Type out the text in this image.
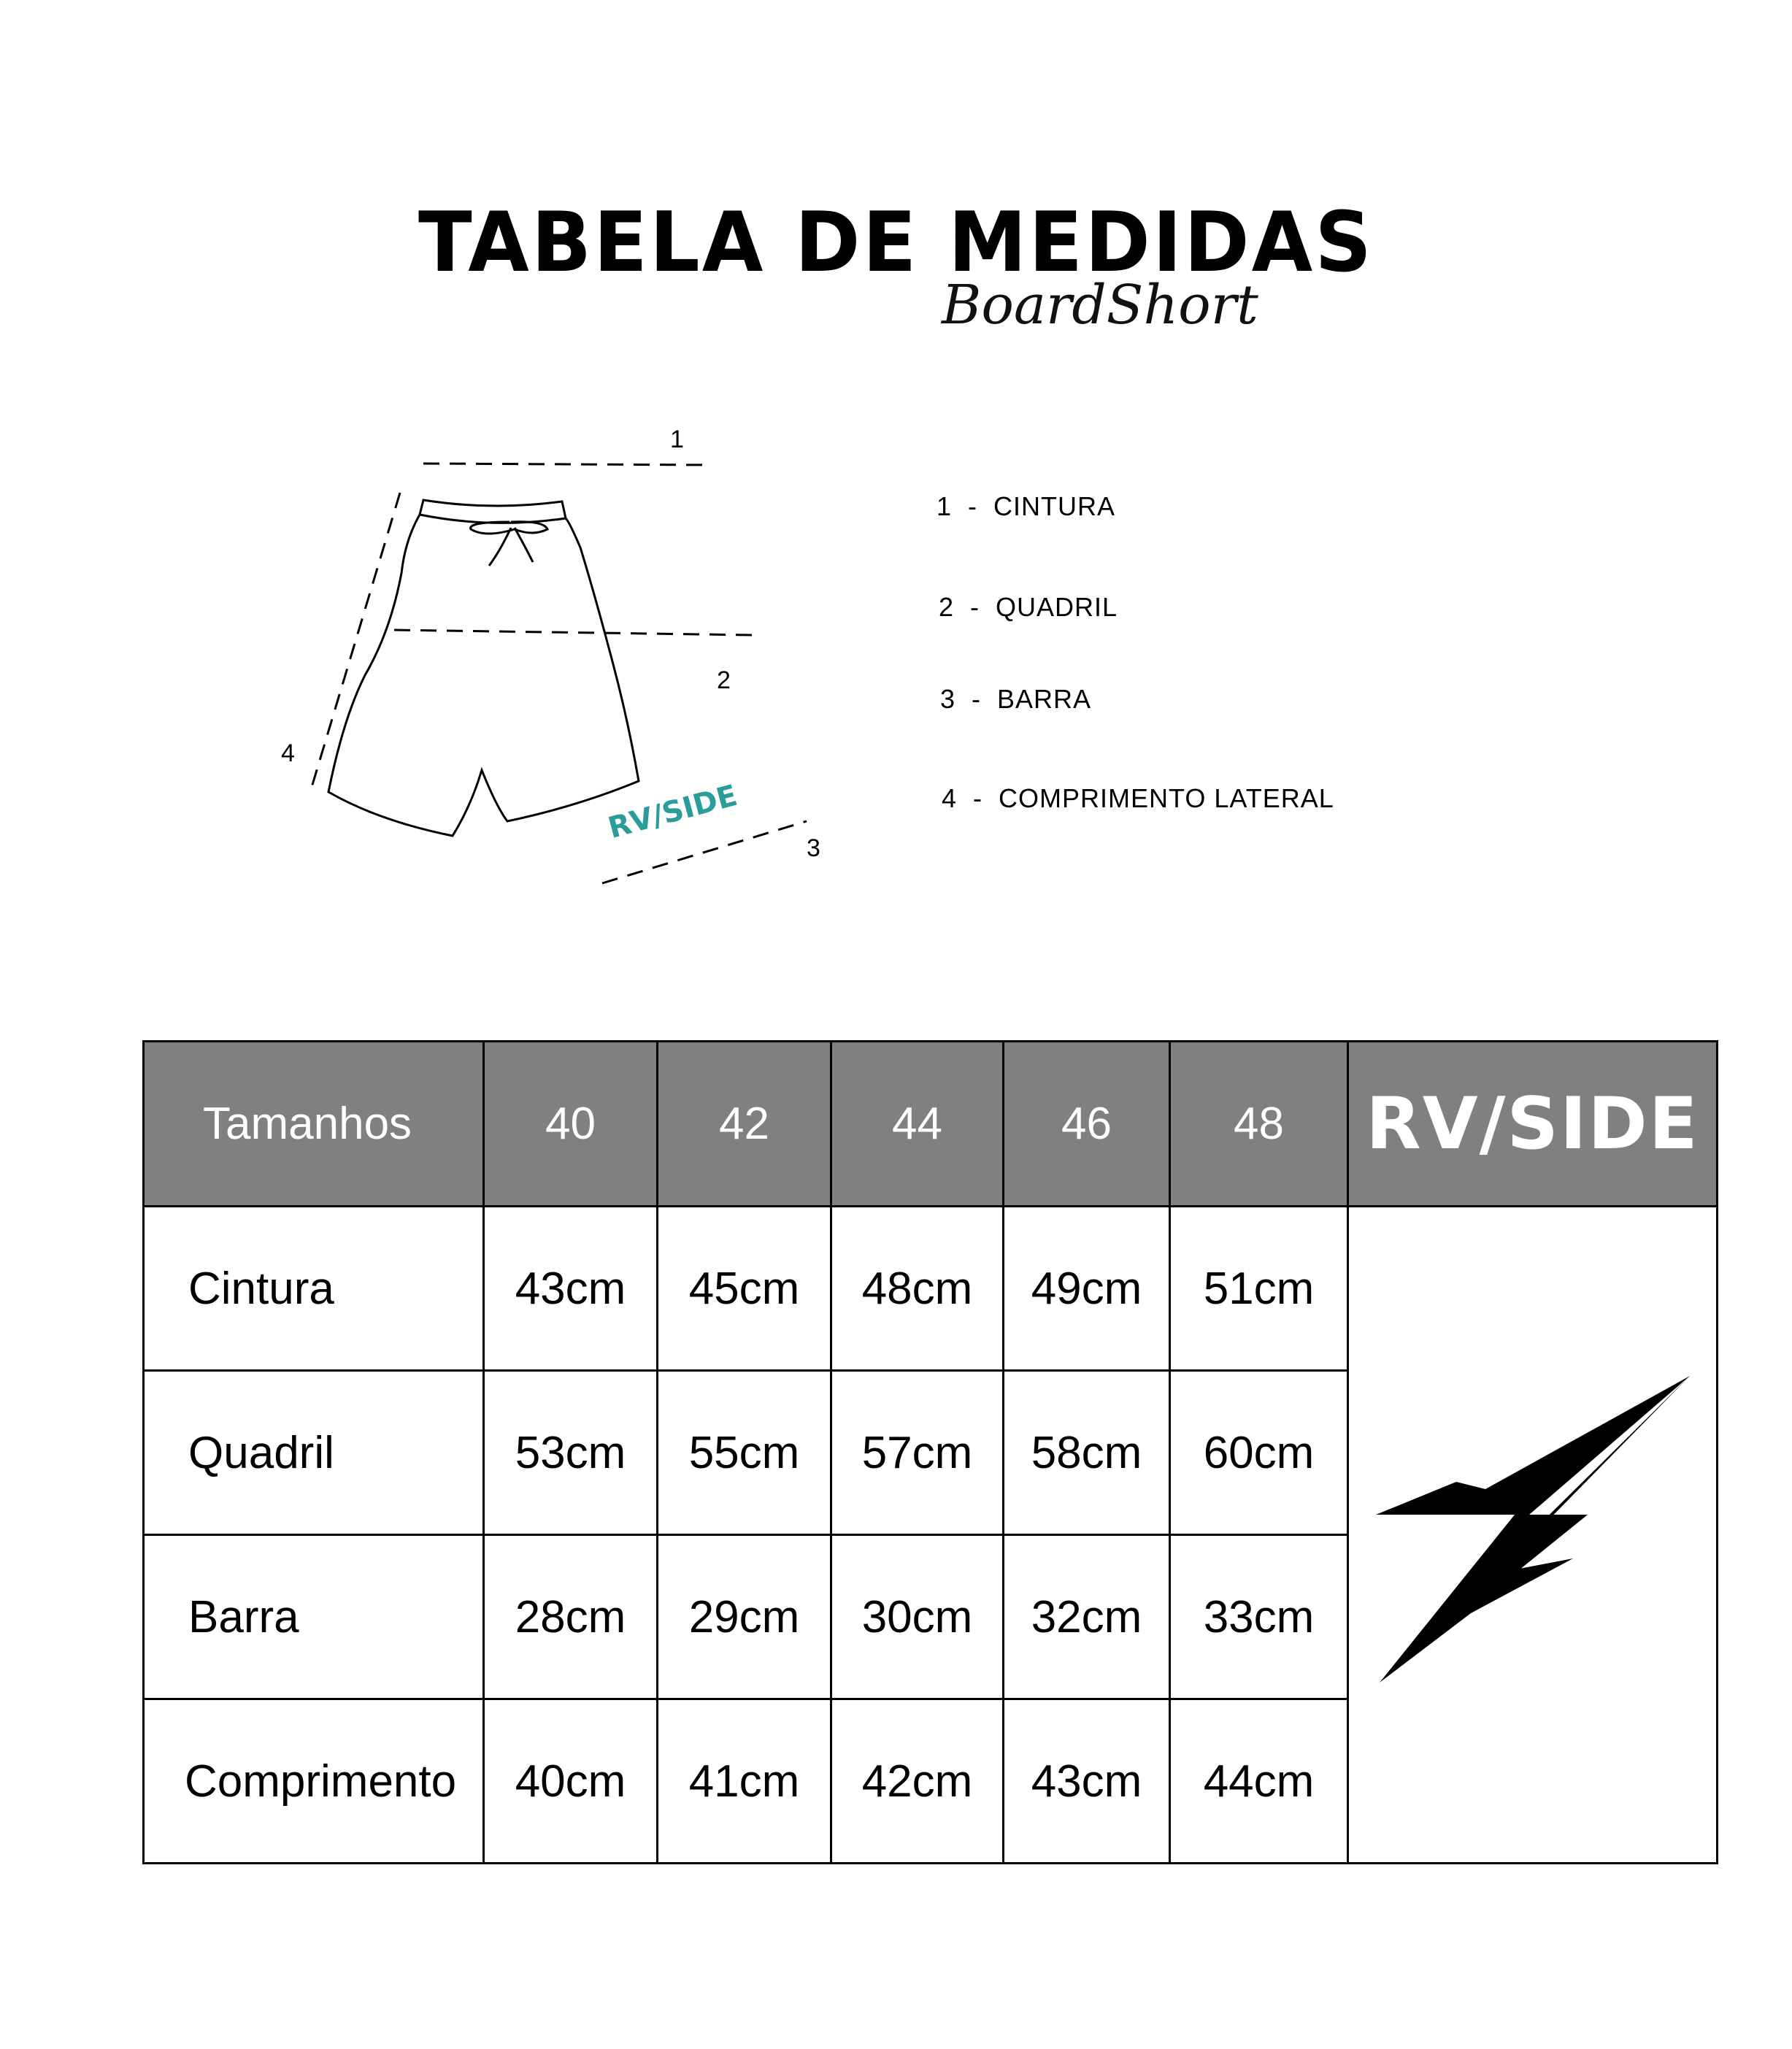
TABELA DE MEDIDAS
BoardShort
1
2
3
4
RV/SIDE
1  -  CINTURA
2  -  QUADRIL
3  -  BARRA
4  -  COMPRIMENTO LATERAL
Tamanhos	40	42	44	46	48	RV/SIDE
Cintura	43cm	45cm	48cm	49cm	51cm	
Quadril	53cm	55cm	57cm	58cm	60cm	
Barra	28cm	29cm	30cm	32cm	33cm	
Comprimento	40cm	41cm	42cm	43cm	44cm	
